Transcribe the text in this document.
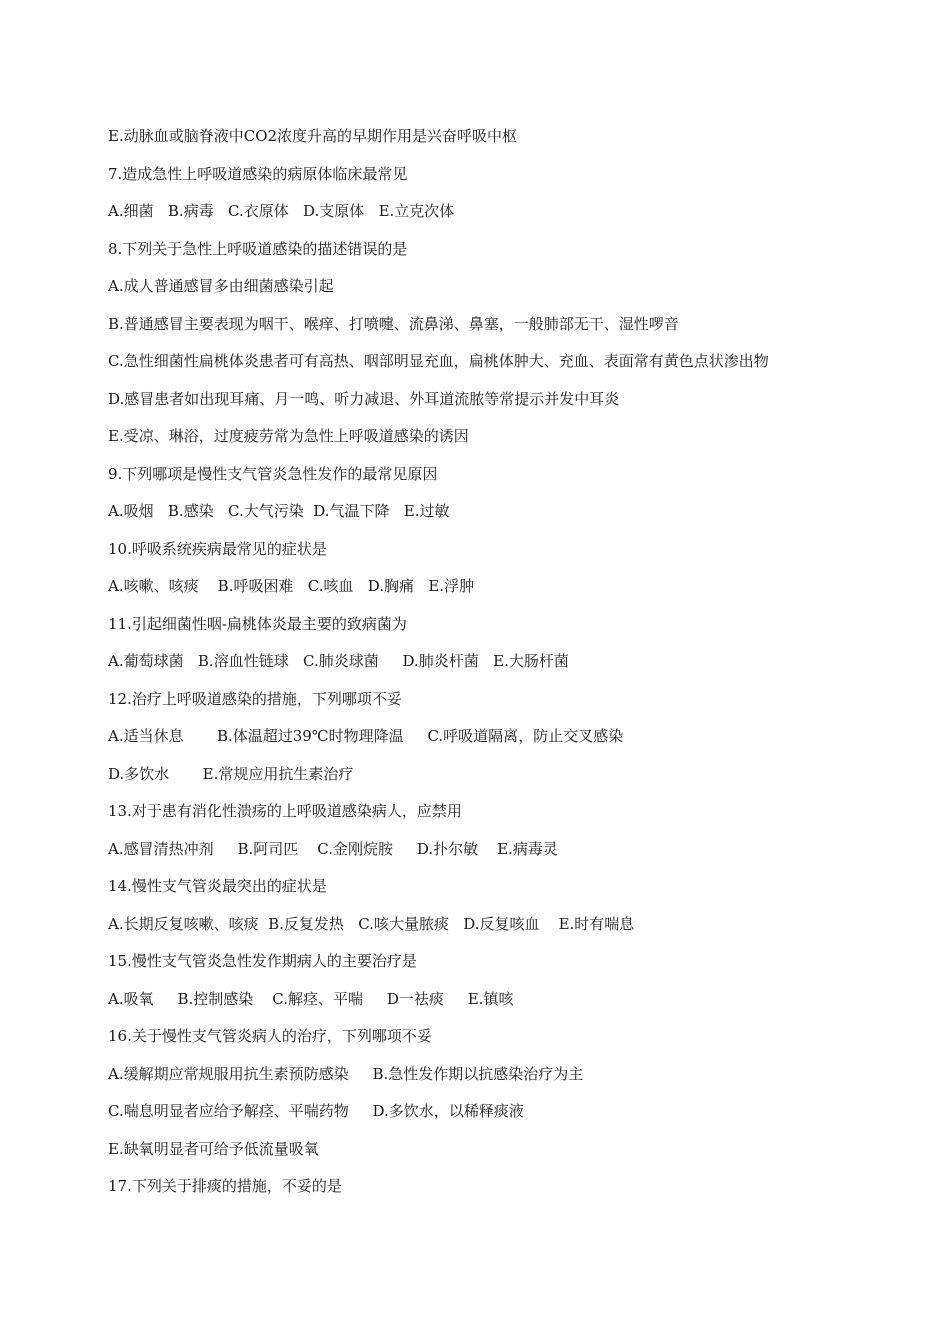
E.动脉血或脑脊液中CO2浓度升高的早期作用是兴奋呼吸中枢
7.造成急性上呼吸道感染的病原体临床最常见
A.细菌   B.病毒   C.衣原体   D.支原体   E.立克次体
8.下列关于急性上呼吸道感染的描述错误的是
A.成人普通感冒多由细菌感染引起
B.普通感冒主要表现为咽干、喉痒、打喷嚏、流鼻涕、鼻塞，一般肺部无干、湿性啰音
C.急性细菌性扁桃体炎患者可有高热、咽部明显充血，扁桃体肿大、充血、表面常有黄色点状渗出物
D.感冒患者如出现耳痛、月一鸣、听力减退、外耳道流脓等常提示并发中耳炎
E.受凉、琳浴，过度疲劳常为急性上呼吸道感染的诱因
9.下列哪项是慢性支气管炎急性发作的最常见原因
A.吸烟   B.感染   C.大气污染  D.气温下降   E.过敏
10.呼吸系统疾病最常见的症状是
A.咳嗽、咳痰    B.呼吸困难   C.咳血   D.胸痛   E.浮肿
11.引起细菌性咽-扁桃体炎最主要的致病菌为
A.葡萄球菌   B.溶血性链球   C.肺炎球菌     D.肺炎杆菌   E.大肠杆菌
12.治疗上呼吸道感染的措施，下列哪项不妥
A.适当休息       B.体温超过39℃时物理降温     C.呼吸道隔离，防止交叉感染
D.多饮水       E.常规应用抗生素治疗
13.对于患有消化性溃疡的上呼吸道感染病人，应禁用
A.感冒清热冲剂     B.阿司匹    C.金刚烷胺     D.扑尔敏    E.病毒灵
14.慢性支气管炎最突出的症状是
A.长期反复咳嗽、咳痰  B.反复发热   C.咳大量脓痰   D.反复咳血    E.时有喘息
15.慢性支气管炎急性发作期病人的主要治疗是
A.吸氧     B.控制感染    C.解痉、平喘     D一祛痰     E.镇咳
16.关于慢性支气管炎病人的治疗，下列哪项不妥
A.缓解期应常规服用抗生素预防感染     B.急性发作期以抗感染治疗为主
C.喘息明显者应给予解痉、平喘药物     D.多饮水，以稀释痰液
E.缺氧明显者可给予低流量吸氧
17.下列关于排痰的措施，不妥的是
